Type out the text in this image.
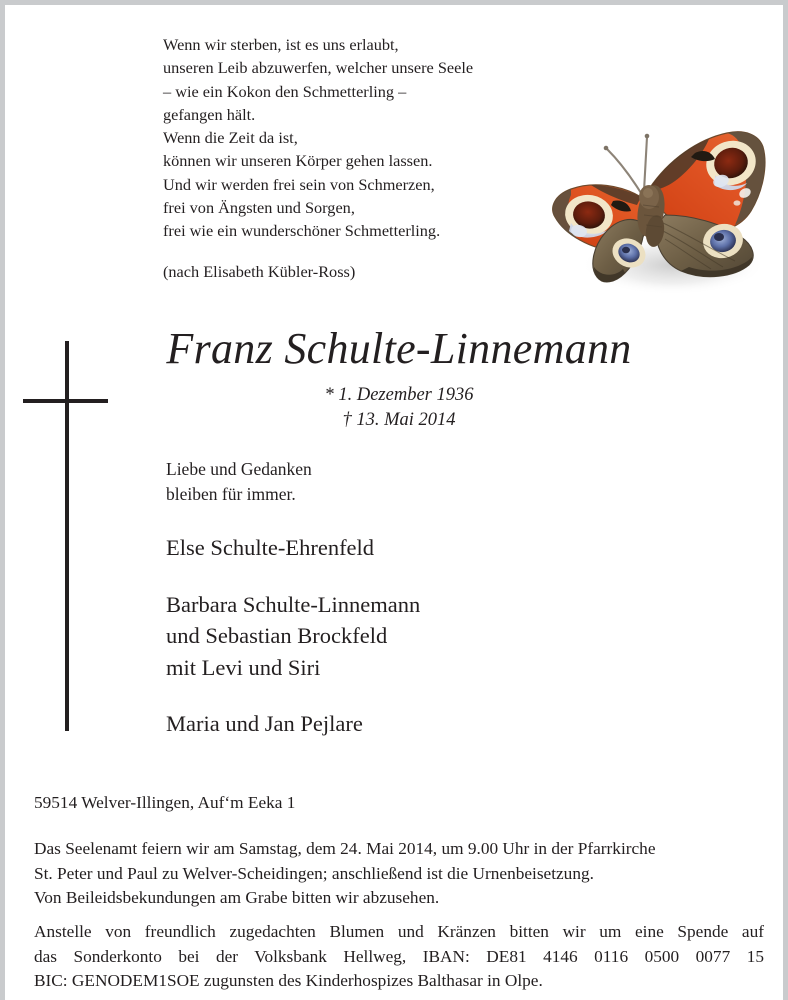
Wenn wir sterben, ist es uns erlaubt,
unseren Leib abzuwerfen, welcher unsere Seele
– wie ein Kokon den Schmetterling –
gefangen hält.
Wenn die Zeit da ist,
können wir unseren Körper gehen lassen.
Und wir werden frei sein von Schmerzen,
frei von Ängsten und Sorgen,
frei wie ein wunderschöner Schmetterling.
(nach Elisabeth Kübler-Ross)
Franz Schulte-Linnemann
* 1. Dezember 1936
† 13. Mai 2014
Liebe und Gedanken
bleiben für immer.
Else Schulte-Ehrenfeld
Barbara Schulte-Linnemann
und Sebastian Brockfeld
mit Levi und Siri
Maria und Jan Pejlare
59514 Welver-Illingen, Auf‘m Eeka 1
Das Seelenamt feiern wir am Samstag, dem 24. Mai 2014, um 9.00 Uhr in der Pfarrkirche
St. Peter und Paul zu Welver-Scheidingen; anschließend ist die Urnenbeisetzung.
Von Beileidsbekundungen am Grabe bitten wir abzusehen.
Anstelle von freundlich zugedachten Blumen und Kränzen bitten wir um eine Spende auf
das Sonderkonto bei der Volksbank Hellweg, IBAN: DE81 4146 0116 0500 0077 15
BIC: GENODEM1SOE zugunsten des Kinderhospizes Balthasar in Olpe.
